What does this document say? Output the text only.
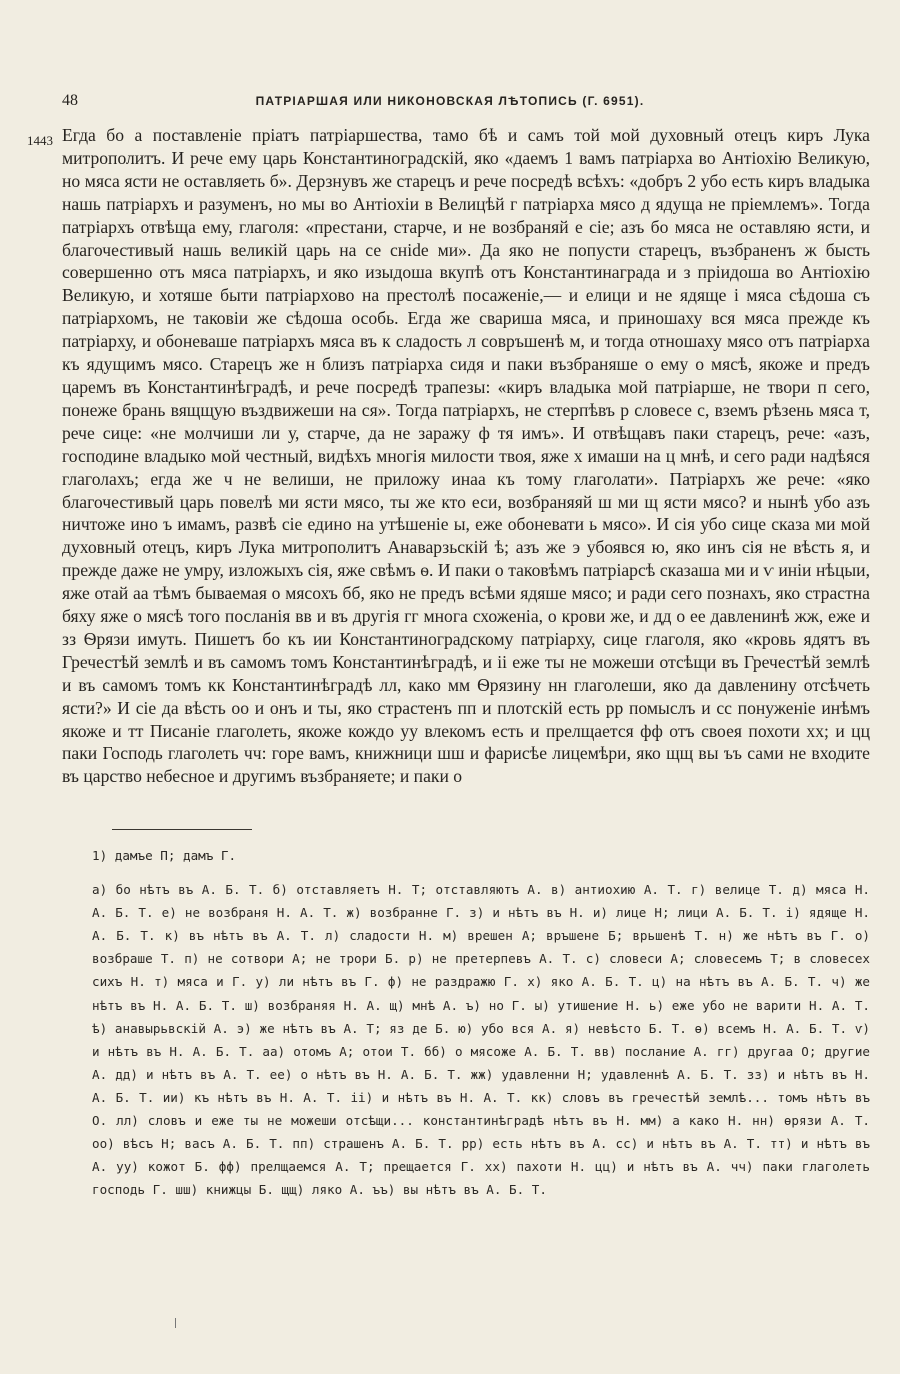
48	ПАТРІАРШАЯ ИЛИ НИКОНОВСКАЯ ЛѢТОПИСЬ (Г. 6951).
1443 Егда бо а поставленіе пріатъ патріаршества, тамо бѣ и самъ той мой духовный отецъ киръ Лука митрополитъ. И рече ему царь Константиноградскій, яко «даемъ 1 вамъ патріарха во Антіохію Великую, но мяса ясти не оставляеть б». Дерзнувъ же старецъ и рече посредѣ всѣхъ: «добръ 2 убо есть киръ владыка нашь патріархъ и разуменъ, но мы во Антіохіи в Велицѣй г патріарха мясо д ядуща не пріемлемъ». Тогда патріархъ отвѣща ему, глаголя: «престани, старче, и не возбраняй е сіе; азъ бо мяса не оставляю ясти, и благочестивый нашь великій царь на се снide ми». Да яко не попусти старецъ, възбраненъ ж бысть совершенно отъ мяса патріархъ, и яко изыдоша вкупѣ отъ Константинаграда и з пріидоша во Антіохію Великую, и хотяше быти патріархово на престолѣ посаженіе,— и елици и не ядяще і мяса сѣдоша съ патріархомъ, не таковіи же сѣдоша особь. Егда же свариша мяса, и приношаху вся мяса прежде къ патріарху, и обоневаше патріархъ мяса въ к сладость л совръшенѣ м, и тогда отношаху мясо отъ патріарха къ ядущимъ мясо. Старецъ же н близъ патріарха сидя и паки възбраняше о ему о мясѣ, якоже и предъ царемъ въ Константинѣградѣ, и рече посредѣ трапезы: «киръ владыка мой патріарше, не твори п сего, понеже брань вящщую въздвижеши на ся». Тогда патріархъ, не стерпѣвъ р словесе с, вземъ рѣзень мяса т, рече сице: «не молчиши ли у, старче, да не заражу ф тя имъ». И отвѣщавъ паки старецъ, рече: «азъ, господине владыко мой честный, видѣхъ многія милости твоя, яже х имаши на ц мнѣ, и сего ради надѣяся глаголахъ; егда же ч не велиши, не приложу инаа къ тому глаголати». Патріархъ же рече: «яко благочестивый царь повелѣ ми ясти мясо, ты же кто еси, возбраняяй ш ми щ ясти мясо? и нынѣ убо азъ ничтоже ино ъ имамъ, развѣ сіе едино на утѣшеніе ы, еже обоневати ь мясо». И сія убо сице сказа ми мой духовный отецъ, киръ Лука митрополитъ Анаварзьскій ѣ; азъ же э убоявся ю, яко инъ сія не вѣсть я, и прежде даже не умру, изложыхъ сія, яже свѣмъ ѳ. И паки о таковѣмъ патріарсѣ сказаша ми и ѵ иніи нѣцыи, яже отай аа тѣмъ бываемая о мясохъ бб, яко не предъ всѣми ядяше мясо; и ради сего познахъ, яко страстна бяху яже о мясѣ того посланія вв и въ другія гг многа схоженіа, о крови же, и дд о ее давленинѣ жж, еже и зз Ѳрязи имуть. Пишетъ бо къ ии Константиноградскому патріарху, сице глаголя, яко «кровь ядятъ въ Гречестѣй землѣ и въ самомъ томъ Константинѣградѣ, и іі еже ты не можеши отсѣщи въ Гречестѣй землѣ и въ самомъ томъ кк Константинѣградѣ лл, како мм Ѳрязину нн глаголеши, яко да давленину отсѣчеть ясти?» И сіе да вѣсть оо и онъ и ты, яко страстенъ пп и плотскій есть рр помыслъ и сс понуженіе инѣмъ якоже и тт Писаніе глаголеть, якоже кождо уу влекомъ есть и прелщается фф отъ своея похоти хх; и цц паки Господь глаголеть чч: горе вамъ, книжници шш и фарисѣе лицемѣри, яко щщ вы ъъ сами не входите въ царство небесное и другимъ възбраняете; и паки о

1) дамъе П; дамъ Г.

а) бо нѣтъ въ А. Б. Т. б) отставляетъ Н. Т; отставляютъ А. в) антиохию А. Т. г) велице Т. д) мяса Н. А. Б. Т. е) не возбраня Н. А. Т. ж) возбранне Г. з) и нѣтъ въ Н. и) лице Н; лици А. Б. Т. і) ядяще Н. А. Б. Т. к) въ нѣтъ въ А. Т. л) сладости Н. м) врешен А; връшене Б; врьшенѣ Т. н) же нѣтъ въ Г. о) возбраше Т. п) не сотвори А; не трори Б. р) не претерпевъ А. Т. с) словеси А; словесемъ Т; в словесех сихъ Н. т) мяса и Г. у) ли нѣтъ въ Г. ф) не раздражю Г. х) яко А. Б. Т. ц) на нѣтъ въ А. Б. Т. ч) же нѣтъ въ Н. А. Б. Т. ш) возбраняя Н. А. щ) мнѣ А. ъ) но Г. ы) утишение Н. ь) еже убо не варити Н. А. Т. ѣ) анавырьвскій А. э) же нѣтъ въ А. Т; яз де Б. ю) убо вся А. я) невѣсто Б. Т. ѳ) всемъ Н. А. Б. Т. ѵ) и нѣтъ въ Н. А. Б. Т. аа) отомъ А; отои Т. бб) о мясоже А. Б. Т. вв) послание А. гг) другаа О; другие А. дд) и нѣтъ въ А. Т. ее) о нѣтъ въ Н. А. Б. Т. жж) удавленни Н; удавленнѣ А. Б. Т. зз) и нѣтъ въ Н. А. Б. Т. ии) къ нѣтъ въ Н. А. Т. іі) и нѣтъ въ Н. А. Т. кк) словъ въ гречестѣй землѣ... томъ нѣтъ въ О. лл) словъ и еже ты не можеши отсѣщи... константинѣградѣ нѣтъ въ Н. мм) а како Н. нн) ѳрязи А. Т. оо) вѣсъ Н; васъ А. Б. Т. пп) страшенъ А. Б. Т. рр) есть нѣтъ въ А. сс) и нѣтъ въ А. Т. тт) и нѣтъ въ А. уу) кожот Б. фф) прелщаемся А. Т; прещается Г. хх) пахоти Н. цц) и нѣтъ въ А. чч) паки глаголеть господь Г. шш) книжцы Б. щщ) ляко А. ъъ) вы нѣтъ въ А. Б. Т.
